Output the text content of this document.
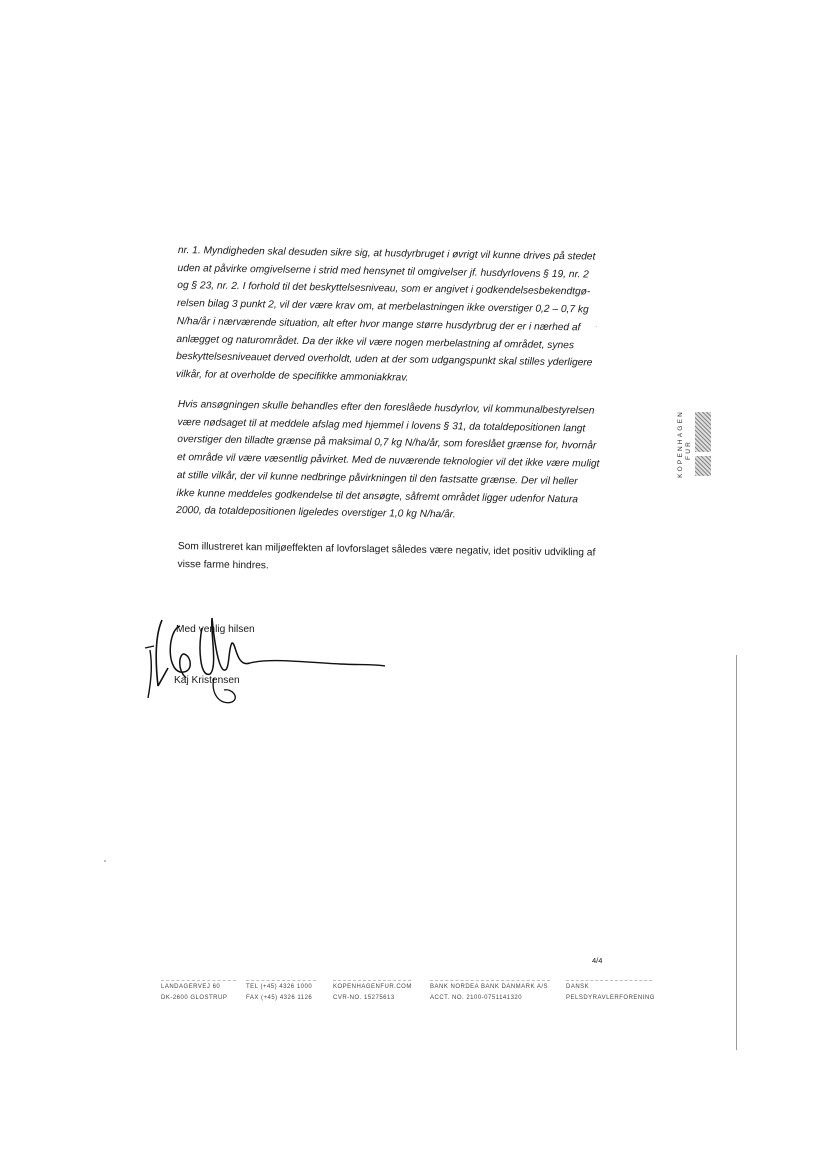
nr. 1. Myndigheden skal desuden sikre sig, at husdyrbruget i øvrigt vil kunne drives på stedet
uden at påvirke omgivelserne i strid med hensynet til omgivelser jf. husdyrlovens § 19, nr. 2
og § 23, nr. 2. I forhold til det beskyttelsesniveau, som er angivet i godkendelsesbekendtgø-
relsen bilag 3 punkt 2, vil der være krav om, at merbelastningen ikke overstiger 0,2 – 0,7 kg
N/ha/år i nærværende situation, alt efter hvor mange større husdyrbrug der er i nærhed af
anlægget og naturområdet. Da der ikke vil være nogen merbelastning af området, synes
beskyttelsesniveauet derved overholdt, uden at der som udgangspunkt skal stilles yderligere
vilkår, for at overholde de specifikke ammoniakkrav.
Hvis ansøgningen skulle behandles efter den foreslåede husdyrlov, vil kommunalbestyrelsen
være nødsaget til at meddele afslag med hjemmel i lovens § 31, da totaldepositionen langt
overstiger den tilladte grænse på maksimal 0,7 kg N/ha/år, som foreslået grænse for, hvornår
et område vil være væsentlig påvirket. Med de nuværende teknologier vil det ikke være muligt
at stille vilkår, der vil kunne nedbringe påvirkningen til den fastsatte grænse. Der vil heller
ikke kunne meddeles godkendelse til det ansøgte, såfremt området ligger udenfor Natura
2000, da totaldepositionen ligeledes overstiger 1,0 kg N/ha/år.
Som illustreret kan miljøeffekten af lovforslaget således være negativ, idet positiv udvikling af
visse farme hindres.
Med venlig hilsen
Kaj Kristensen
KOPENHAGEN FUR
4/4
LANDAGERVEJ 60
DK-2600 GLOSTRUP
TEL (+45) 4326 1000
FAX (+45) 4326 1126
KOPENHAGENFUR.COM
CVR-NO. 15275613
BANK NORDEA BANK DANMARK A/S
ACCT. NO. 2100-0751141320
DANSK
PELSDYRAVLERFORENING
